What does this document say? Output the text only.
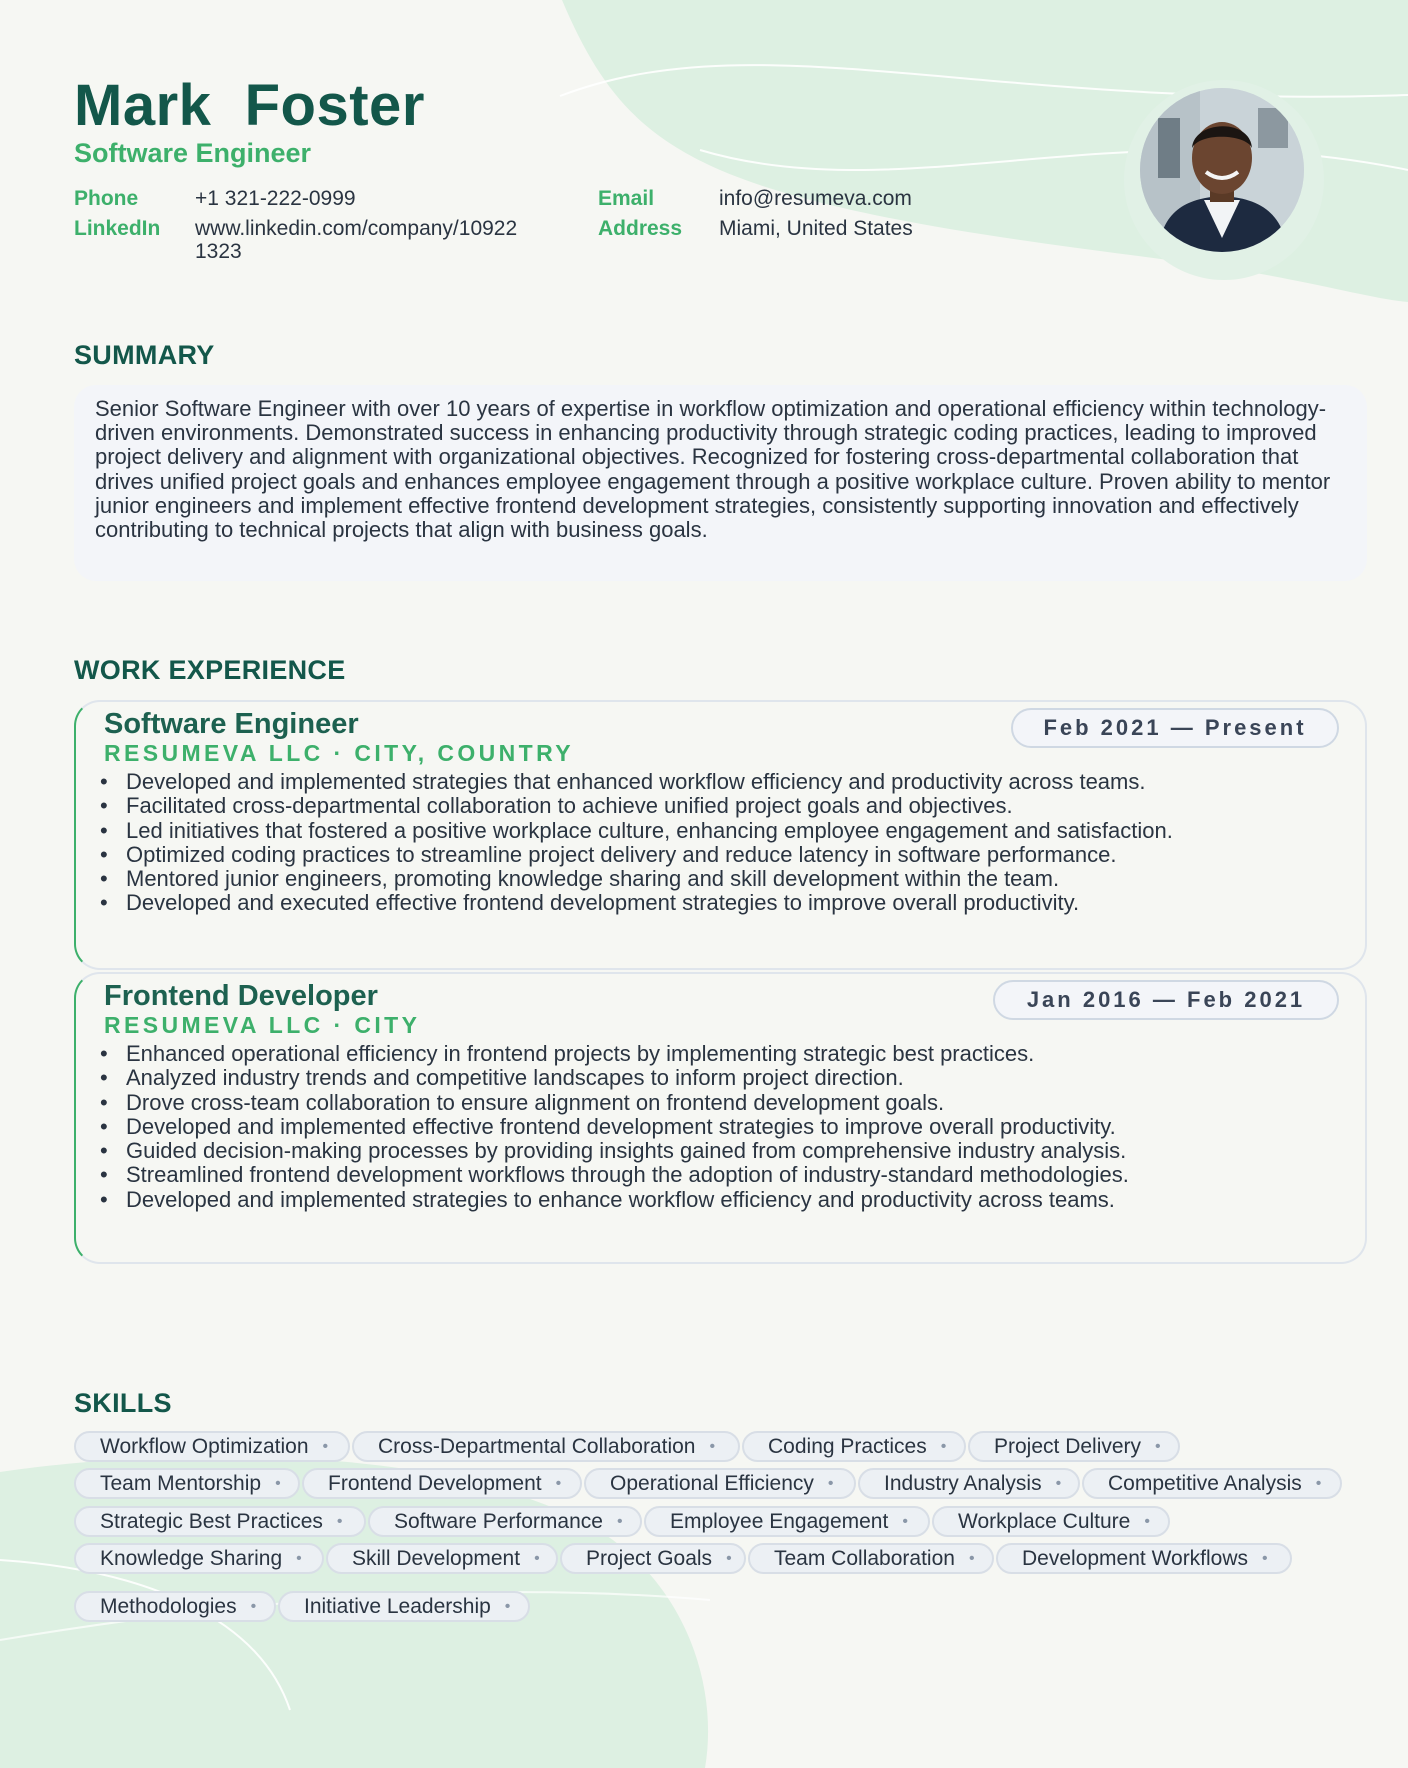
Mark  Foster
Software Engineer
Phone	+1 321-222-0999	Email	info@resumeva.com
LinkedIn www.linkedin.com/company/10922 1323
Address Miami, United States
SUMMARY

Senior Software Engineer with over 10 years of expertise in workflow optimization and operational efficiency within technology-driven environments. Demonstrated success in enhancing productivity through strategic coding practices, leading to improved project delivery and alignment with organizational objectives. Recognized for fostering cross-departmental collaboration that drives unified project goals and enhances employee engagement through a positive workplace culture. Proven ability to mentor junior engineers and implement effective frontend development strategies, consistently supporting innovation and effectively contributing to technical projects that align with business goals.

WORK EXPERIENCE
Software Engineer
RESUMEVA LLC · CITY, COUNTRY
Feb 2021 — Present
• Developed and implemented strategies that enhanced workflow efficiency and productivity across teams.
• Facilitated cross-departmental collaboration to achieve unified project goals and objectives.
• Led initiatives that fostered a positive workplace culture, enhancing employee engagement and satisfaction.
• Optimized coding practices to streamline project delivery and reduce latency in software performance.
• Mentored junior engineers, promoting knowledge sharing and skill development within the team.
• Developed and executed effective frontend development strategies to improve overall productivity.
Frontend Developer
RESUMEVA LLC · CITY
Jan 2016 — Feb 2021
• Enhanced operational efficiency in frontend projects by implementing strategic best practices.
• Analyzed industry trends and competitive landscapes to inform project direction.
• Drove cross-team collaboration to ensure alignment on frontend development goals.
• Developed and implemented effective frontend development strategies to improve overall productivity.
• Guided decision-making processes by providing insights gained from comprehensive industry analysis.
• Streamlined frontend development workflows through the adoption of industry-standard methodologies.
• Developed and implemented strategies to enhance workflow efficiency and productivity across teams.
SKILLS
Workflow Optimization • Cross-Departmental Collaboration •	Coding Practices • Project Delivery •
Team Mentorship • Frontend Development • Operational Efficiency • Industry Analysis • Competitive Analysis •
Strategic Best Practices • Software Performance • Employee Engagement • Workplace Culture •
Knowledge Sharing • Skill Development • Project Goals • Team Collaboration • Development Workflows •
Methodologies • Initiative Leadership •
